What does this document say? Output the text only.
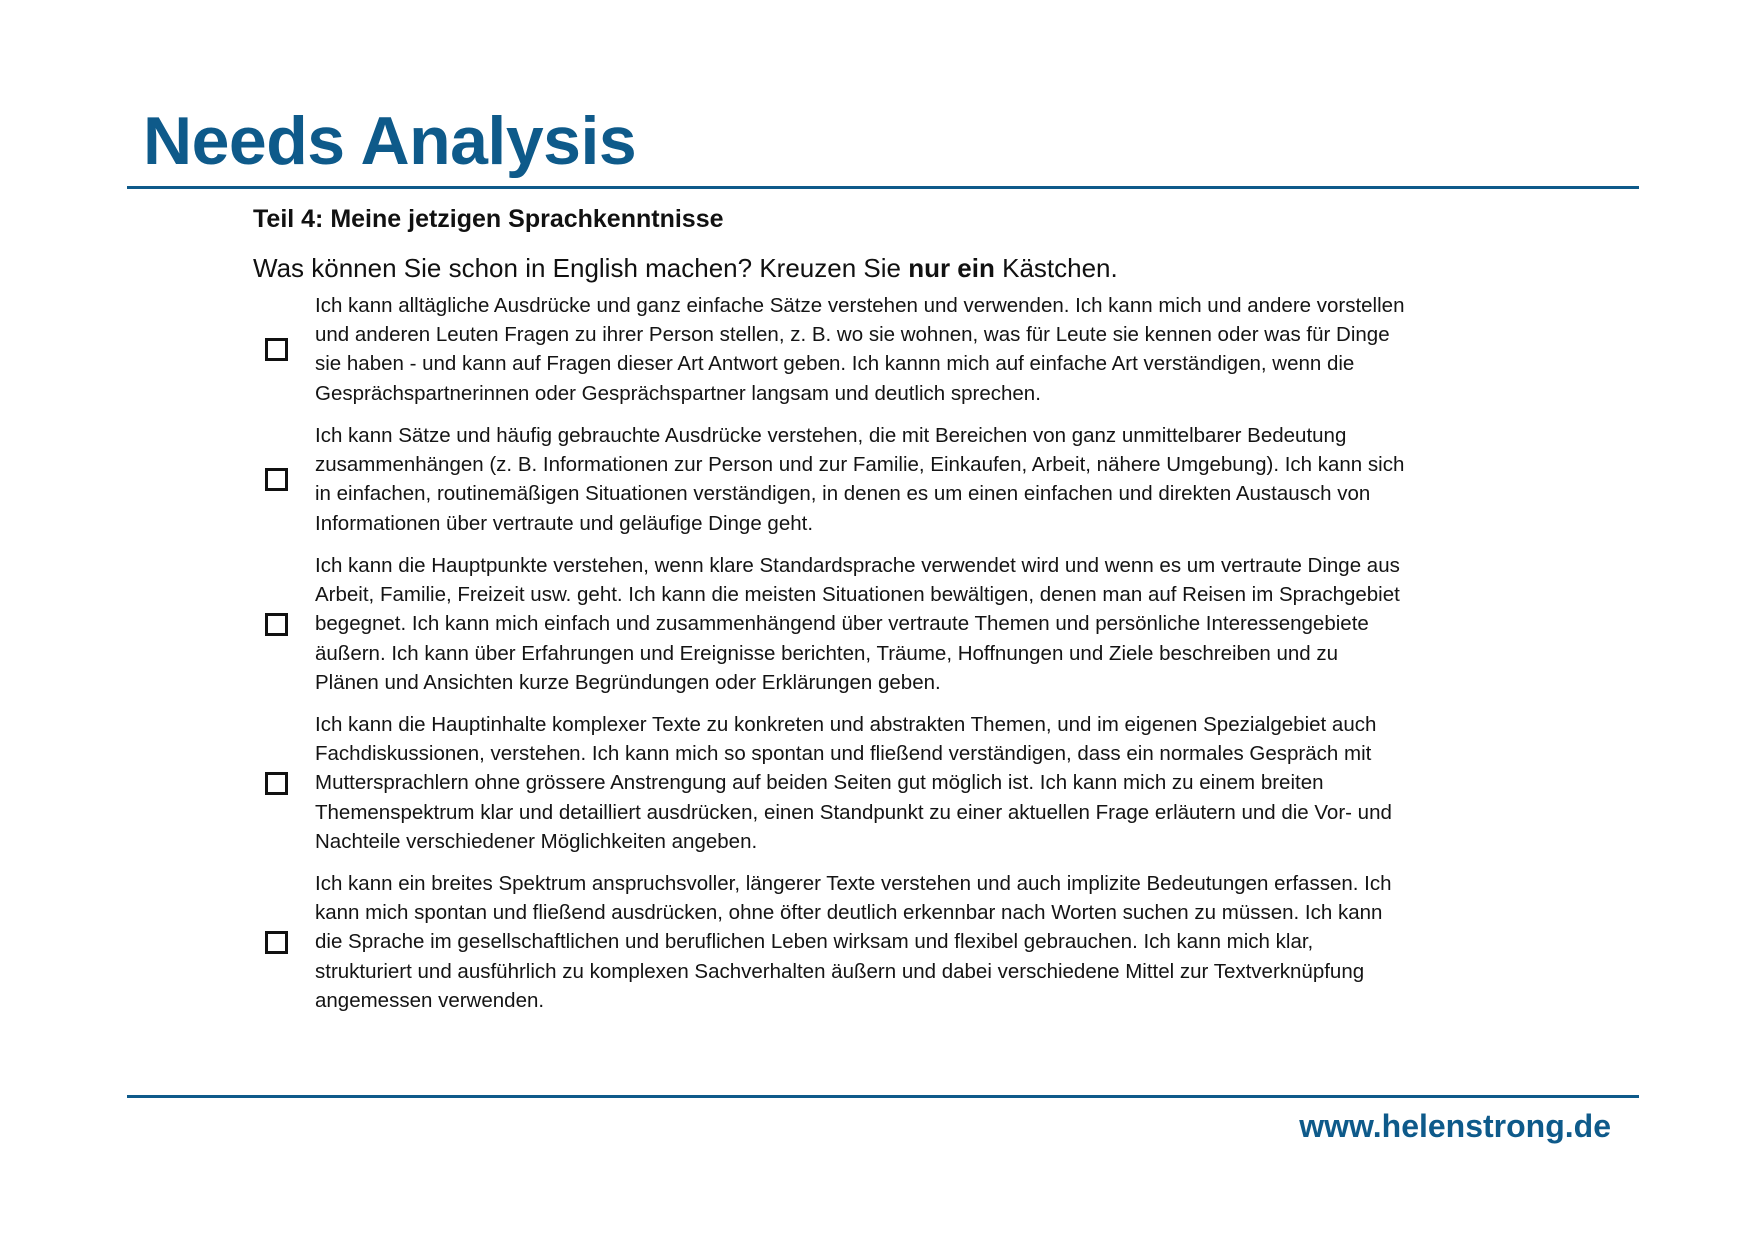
Needs Analysis
Teil 4: Meine jetzigen Sprachkenntnisse

Was können Sie schon in English machen? Kreuzen Sie nur ein Kästchen.

Ich kann alltägliche Ausdrücke und ganz einfache Sätze verstehen und verwenden. Ich kann mich und andere vorstellen und anderen Leuten Fragen zu ihrer Person stellen, z. B. wo sie wohnen, was für Leute sie kennen oder was für Dinge sie haben - und kann auf Fragen dieser Art Antwort geben. Ich kannn mich auf einfache Art verständigen, wenn die Gesprächspartnerinnen oder Gesprächspartner langsam und deutlich sprechen.
Ich kann Sätze und häufig gebrauchte Ausdrücke verstehen, die mit Bereichen von ganz unmittelbarer Bedeutung zusammenhängen (z. B. Informationen zur Person und zur Familie, Einkaufen, Arbeit, nähere Umgebung). Ich kann sich in einfachen, routinemäßigen Situationen verständigen, in denen es um einen einfachen und direkten Austausch von Informationen über vertraute und geläufige Dinge geht.
Ich kann die Hauptpunkte verstehen, wenn klare Standardsprache verwendet wird und wenn es um vertraute Dinge aus Arbeit, Familie, Freizeit usw. geht. Ich kann die meisten Situationen bewältigen, denen man auf Reisen im Sprachgebiet begegnet. Ich kann mich einfach und zusammenhängend über vertraute Themen und persönliche Interessengebiete äußern. Ich kann über Erfahrungen und Ereignisse berichten, Träume, Hoffnungen und Ziele beschreiben und zu Plänen und Ansichten kurze Begründungen oder Erklärungen geben.
Ich kann die Hauptinhalte komplexer Texte zu konkreten und abstrakten Themen, und im eigenen Spezialgebiet auch Fachdiskussionen, verstehen. Ich kann mich so spontan und fließend verständigen, dass ein normales Gespräch mit Muttersprachlern ohne grössere Anstrengung auf beiden Seiten gut möglich ist. Ich kann mich zu einem breiten Themenspektrum klar und detailliert ausdrücken, einen Standpunkt zu einer aktuellen Frage erläutern und die Vor- und Nachteile verschiedener Möglichkeiten angeben.
Ich kann ein breites Spektrum anspruchsvoller, längerer Texte verstehen und auch implizite Bedeutungen erfassen. Ich kann mich spontan und fließend ausdrücken, ohne öfter deutlich erkennbar nach Worten suchen zu müssen. Ich kann die Sprache im gesellschaftlichen und beruflichen Leben wirksam und flexibel gebrauchen. Ich kann mich klar, strukturiert und ausführlich zu komplexen Sachverhalten äußern und dabei verschiedene Mittel zur Textverknüpfung angemessen verwenden.

www.helenstrong.de
